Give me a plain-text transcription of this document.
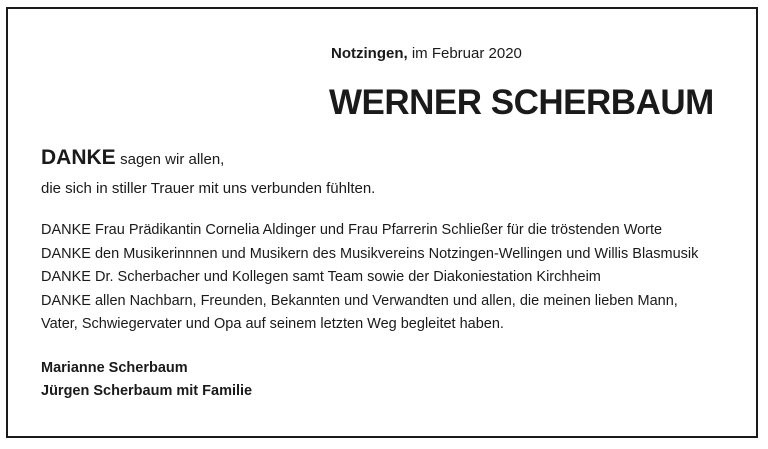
Notzingen, im Februar 2020
WERNER SCHERBAUM
DANKE sagen wir allen,
die sich in stiller Trauer mit uns verbunden fühlten.
DANKE Frau Prädikantin Cornelia Aldinger und Frau Pfarrerin Schließer für die tröstenden Worte
DANKE den Musikerinnnen und Musikern des Musikvereins Notzingen-Wellingen und Willis Blasmusik
DANKE Dr. Scherbacher und Kollegen samt Team sowie der Diakoniestation Kirchheim
DANKE allen Nachbarn, Freunden, Bekannten und Verwandten und allen, die meinen lieben Mann,
Vater, Schwiegervater und Opa auf seinem letzten Weg begleitet haben.
Marianne Scherbaum
Jürgen Scherbaum mit Familie
